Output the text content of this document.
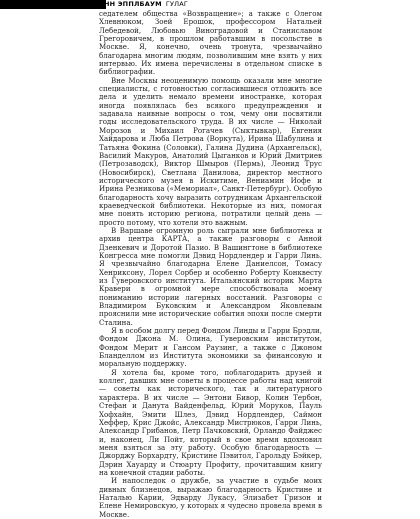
ЭНН ЭППЛБАУМ ГУЛАГ

седателем общества «Возвращение»; а также с Олегом Хлевнюком, Зоей Ерошок, профессором Натальей Лебедевой, Любовью Виноградовой и Станиславом Грегоровичем, в прошлом работавшим в посольстве в Москве. Я, конечно, очень тронута, чрезвычайно благодарна многим людям, позволившим мне взять у них интервью. Их имена перечислены в отдельном списке в библиографии.

Вне Москвы неоценимую помощь оказали мне многие специалисты, с готовностью согласившиеся отложить все дела и уделить немало времени иностранке, которая иногда появлялась без всякого предупреждения и задавала наивные вопросы о том, чему они посвятили годы исследовательского труда. В их числе — Николай Морозов и Михаил Рогачев (Сыктывкар), Евгения Хайдарова и Люба Петрова (Воркута), Ирина Шабулина и Татьяна Фокина (Соловки), Галина Дудина (Архангельск), Василий Макуров, Анатолий Цыганков и Юрий Дмитриев (Петрозаводск), Виктор Шмыров (Пермь), Леонид Трус (Новосибирск), Светлана Данилова, директор местного исторического музея в Искитиме, Вениамин Иофе и Ирина Резникова («Мемориал», Санкт-Петербург). Особую благодарность хочу выразить сотрудникам Архангельской краеведческой библиотеки. Некоторые из них, помогая мне понять историю региона, потратили целый день — просто потому, что хотели это важным.

В Варшаве огромную роль сыграли мне библиотека и архив центра КАРТА, а также разговоры с Анной Дзенкевич и Доротой Пазио. В Вашингтоне в библиотеке Конгресса мне помогли Дэвид Нордлендер и Гарри Линь. Я чрезвычайно благодарна Елене Даниелсон, Томасу Хенриксону, Лорел Сорбер и особенно Роберту Конквесту из Гуверовского института. Итальянский историк Марта Кравери в огромной мере способствовала моему пониманию истории лагерных восстаний. Разговоры с Владимиром Буковским и Александром Яковлевым прояснили мне исторические события эпохи после смерти Сталина.

Я в особом долгу перед Фондом Линды и Гарри Брэдли, Фондом Джона М. Олина, Гуверовским институтом, Фондом Мерит и Гансом Раузинг, а также с Джоном Бланделлом из Института экономики за финансовую и моральную поддержку.

Я хотела бы, кроме того, поблагодарить друзей и коллег, давших мне советы в процессе работы над книгой — советы как исторического, так и литературного характера. В их числе — Энтони Бивор, Колин Тербон, Стефан и Данута Вайденфельд, Юрий Моруков, Пауль Хофхайн, Эмити Шлез, Дэвид Нордлендер, Саймон Хеффер, Крис Джойс, Александр Мистрюков, Гарри Линь, Александр Грибанов, Петр Пачковский, Орландо Файджес и, наконец, Ли Пойт, который в свое время вдохновил меня взяться за эту работу. Особую благодарность — Джорджу Борхардту, Кристине Пэвитол, Гарольду Бэйкер, Дэрин Хауарду и Стюарту Профиту, прочитавшим книгу на конечной стадии работы.

И напоследок о дружбе, за участие в судьбе моих дивных близнецов, выражаю благодарность Кристине и Наталью Карии, Эдварду Лукасу, Элизабет Гризон и Елене Немировскую, у которых я чудесно провела время в Москве.
